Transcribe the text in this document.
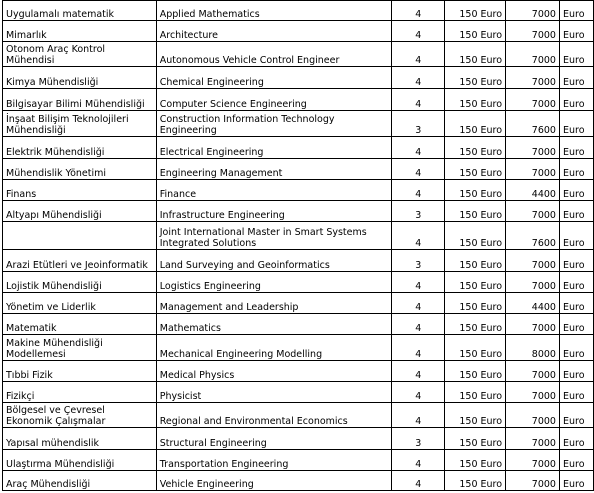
Uygulamalı matematik	Applied Mathematics	4	150 Euro	7000	Euro
Mimarlık	Architecture	4	150 Euro	7000	Euro
Otonom Araç Kontrol Mühendisi	Autonomous Vehicle Control Engineer	4	150 Euro	7000	Euro
Kimya Mühendisliği	Chemical Engineering	4	150 Euro	7000	Euro
Bilgisayar Bilimi Mühendisliği	Computer Science Engineering	4	150 Euro	7000	Euro
İnşaat Bilişim Teknolojileri Mühendisliği	Construction Information Technology Engineering	3	150 Euro	7600	Euro
Elektrik Mühendisliği	Electrical Engineering	4	150 Euro	7000	Euro
Mühendislik Yönetimi	Engineering Management	4	150 Euro	7000	Euro
Finans	Finance	4	150 Euro	4400	Euro
Altyapı Mühendisliği	Infrastructure Engineering	3	150 Euro	7000	Euro
	Joint International Master in Smart Systems Integrated Solutions	4	150 Euro	7600	Euro
Arazi Etütleri ve Jeoinformatik	Land Surveying and Geoinformatics	3	150 Euro	7000	Euro
Lojistik Mühendisliği	Logistics Engineering	4	150 Euro	7000	Euro
Yönetim ve Liderlik	Management and Leadership	4	150 Euro	4400	Euro
Matematik	Mathematics	4	150 Euro	7000	Euro
Makine Mühendisliği Modellemesi	Mechanical Engineering Modelling	4	150 Euro	8000	Euro
Tıbbi Fizik	Medical Physics	4	150 Euro	7000	Euro
Fizikçi	Physicist	4	150 Euro	7000	Euro
Bölgesel ve Çevresel Ekonomik Çalışmalar	Regional and Environmental Economics	4	150 Euro	7000	Euro
Yapısal mühendislik	Structural Engineering	3	150 Euro	7000	Euro
Ulaştırma Mühendisliği	Transportation Engineering	4	150 Euro	7000	Euro
Araç Mühendisliği	Vehicle Engineering	4	150 Euro	7000	Euro
